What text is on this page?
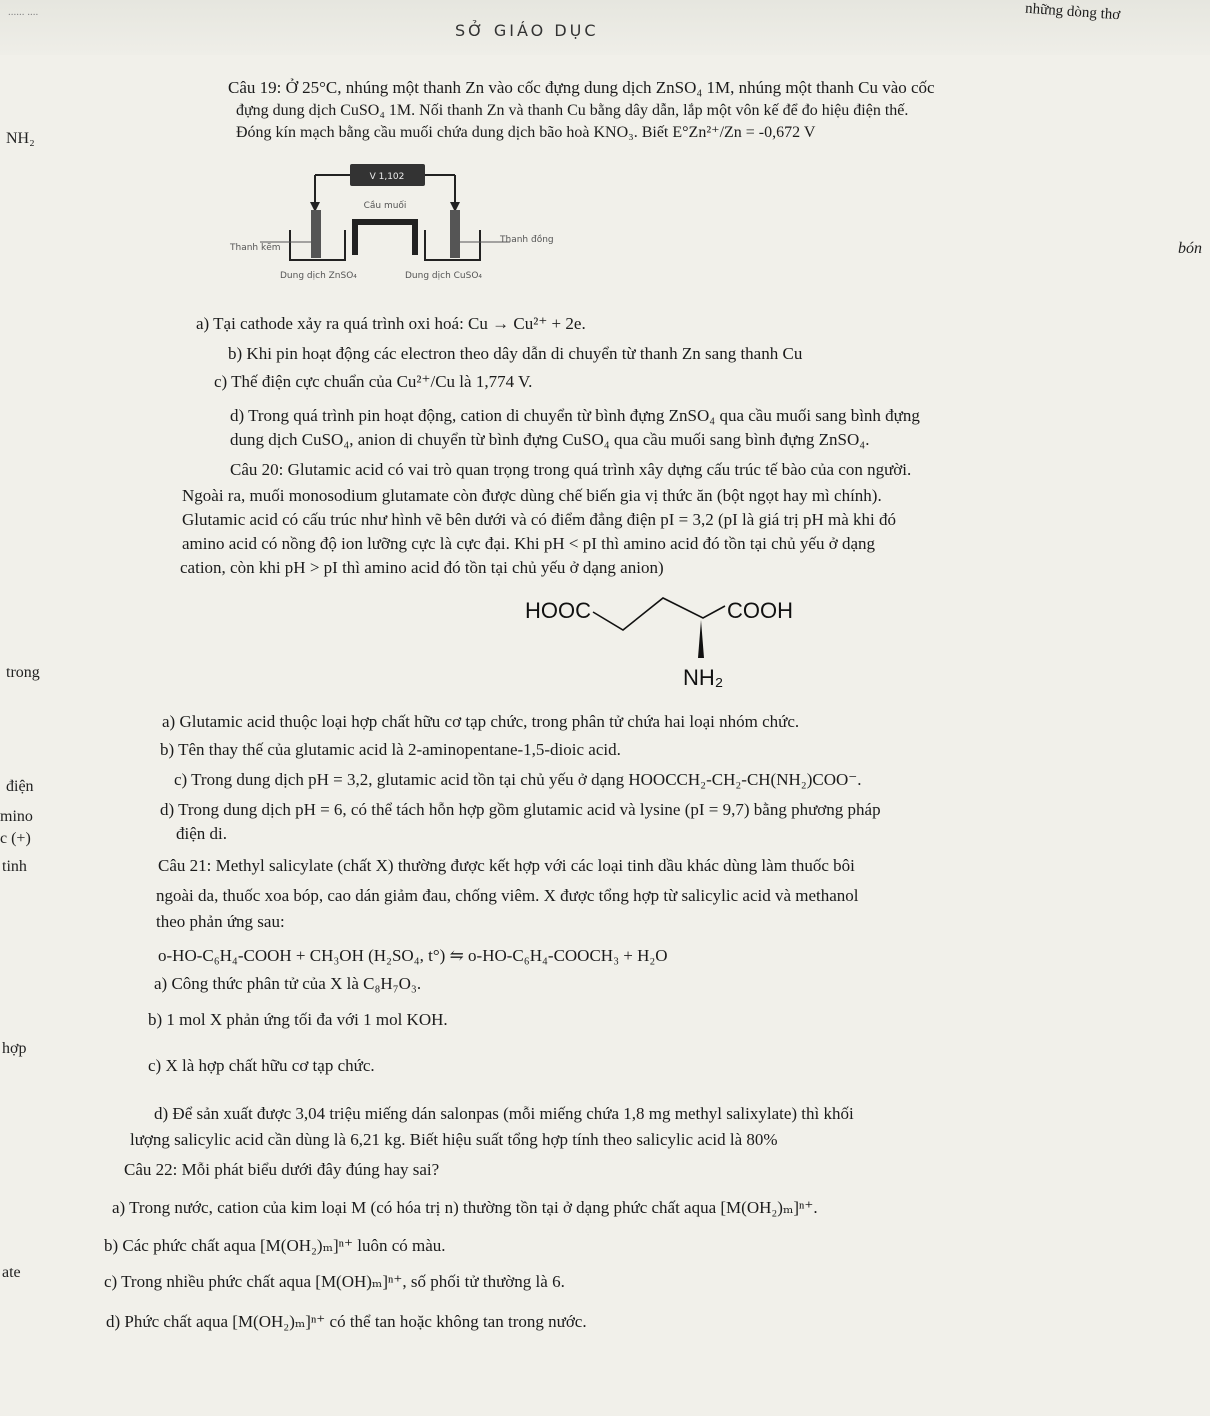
...... ....	những dòng thơ
SỞ GIÁO DỤC
NH₂
trong
điện
mino
c (+)
tinh
hợp
ate
bón
Câu 19: Ở 25°C, nhúng một thanh Zn vào cốc đựng dung dịch ZnSO₄ 1M, nhúng một thanh Cu vào cốc
đựng dung dịch CuSO₄ 1M. Nối thanh Zn và thanh Cu bằng dây dẫn, lắp một vôn kế để đo hiệu điện thế.
Đóng kín mạch bằng cầu muối chứa dung dịch bão hoà KNO₃. Biết E°Zn²⁺/Zn = -0,672 V
V 1,102
Cầu muối
Thanh kẽm
Thanh đồng
Dung dịch ZnSO₄	Dung dịch CuSO₄
a) Tại cathode xảy ra quá trình oxi hoá: Cu → Cu²⁺ + 2e.
b) Khi pin hoạt động các electron theo dây dẫn di chuyển từ thanh Zn sang thanh Cu
c) Thế điện cực chuẩn của Cu²⁺/Cu là 1,774 V.
d) Trong quá trình pin hoạt động, cation di chuyển từ bình đựng ZnSO₄ qua cầu muối sang bình đựng
dung dịch CuSO₄, anion di chuyển từ bình đựng CuSO₄ qua cầu muối sang bình đựng ZnSO₄.
Câu 20: Glutamic acid có vai trò quan trọng trong quá trình xây dựng cấu trúc tế bào của con người.
Ngoài ra, muối monosodium glutamate còn được dùng chế biến gia vị thức ăn (bột ngọt hay mì chính).
Glutamic acid có cấu trúc như hình vẽ bên dưới và có điểm đẳng điện pI = 3,2 (pI là giá trị pH mà khi đó
amino acid có nồng độ ion lưỡng cực là cực đại. Khi pH < pI thì amino acid đó tồn tại chủ yếu ở dạng
cation, còn khi pH > pI thì amino acid đó tồn tại chủ yếu ở dạng anion)
HOOC	COOH
NH₂
a) Glutamic acid thuộc loại hợp chất hữu cơ tạp chức, trong phân tử chứa hai loại nhóm chức.
b) Tên thay thế của glutamic acid là 2-aminopentane-1,5-dioic acid.
c) Trong dung dịch pH = 3,2, glutamic acid tồn tại chủ yếu ở dạng HOOCCH₂-CH₂-CH(NH₂)COO⁻.
d) Trong dung dịch pH = 6, có thể tách hỗn hợp gồm glutamic acid và lysine (pI = 9,7) bằng phương pháp
điện di.
Câu 21: Methyl salicylate (chất X) thường được kết hợp với các loại tinh dầu khác dùng làm thuốc bôi
ngoài da, thuốc xoa bóp, cao dán giảm đau, chống viêm. X được tổng hợp từ salicylic acid và methanol
theo phản ứng sau:
o-HO-C₆H₄-COOH + CH₃OH (H₂SO₄, t°) ⇋ o-HO-C₆H₄-COOCH₃ + H₂O
a) Công thức phân tử của X là C₈H₇O₃.
b) 1 mol X phản ứng tối đa với 1 mol KOH.
c) X là hợp chất hữu cơ tạp chức.
d) Để sản xuất được 3,04 triệu miếng dán salonpas (mỗi miếng chứa 1,8 mg methyl salixylate) thì khối
lượng salicylic acid cần dùng là 6,21 kg. Biết hiệu suất tổng hợp tính theo salicylic acid là 80%
Câu 22: Mỗi phát biểu dưới đây đúng hay sai?
a) Trong nước, cation của kim loại M (có hóa trị n) thường tồn tại ở dạng phức chất aqua [M(OH₂)ₘ]ⁿ⁺.
b) Các phức chất aqua [M(OH₂)ₘ]ⁿ⁺ luôn có màu.
c) Trong nhiều phức chất aqua [M(OH)ₘ]ⁿ⁺, số phối tử thường là 6.
d) Phức chất aqua [M(OH₂)ₘ]ⁿ⁺ có thể tan hoặc không tan trong nước.
